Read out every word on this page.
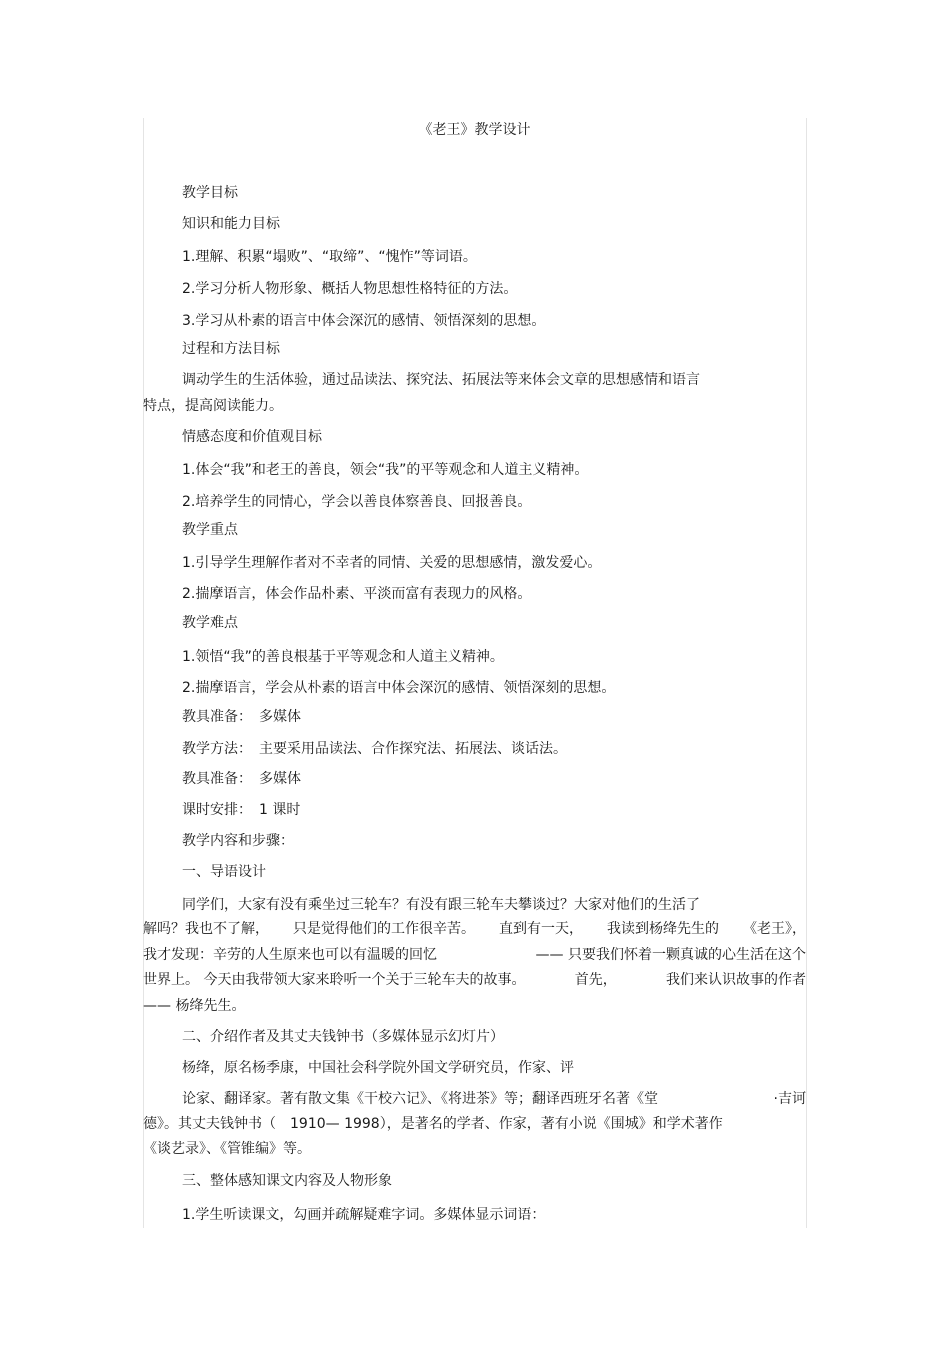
《老王》教学设计
教学目标
知识和能力目标
1.理解、积累“塌败”、“取缔”、“愧怍”等词语。
2.学习分析人物形象、概括人物思想性格特征的方法。
3.学习从朴素的语言中体会深沉的感情、领悟深刻的思想。
过程和方法目标
调动学生的生活体验，通过品读法、探究法、拓展法等来体会文章的思想感情和语言
特点，提高阅读能力。
情感态度和价值观目标
1.体会“我”和老王的善良，领会“我”的平等观念和人道主义精神。
2.培养学生的同情心，学会以善良体察善良、回报善良。
教学重点
1.引导学生理解作者对不幸者的同情、关爱的思想感情，激发爱心。
2.揣摩语言，体会作品朴素、平淡而富有表现力的风格。
教学难点
1.领悟“我”的善良根基于平等观念和人道主义精神。
2.揣摩语言，学会从朴素的语言中体会深沉的感情、领悟深刻的思想。
教具准备：　多媒体
教学方法：　主要采用品读法、合作探究法、拓展法、谈话法。
教具准备：　多媒体
课时安排：　1 课时
教学内容和步骤：
一、导语设计
同学们，大家有没有乘坐过三轮车？有没有跟三轮车夫攀谈过？大家对他们的生活了
解吗？我也不了解， 只是觉得他们的工作很辛苦。 直到有一天， 我读到杨绛先生的 《老王》，
我才发现：辛劳的人生原来也可以有温暖的回忆	—— 只要我们怀着一颗真诚的心生活在这个
世界上。 今天由我带领大家来聆听一个关于三轮车夫的故事。	首先，	我们来认识故事的作者
—— 杨绛先生。
二、介绍作者及其丈夫钱钟书（多媒体显示幻灯片）
杨绛，原名杨季康，中国社会科学院外国文学研究员，作家、评
论家、翻译家。著有散文集《干校六记》、《将进茶》等；翻译西班牙名著《堂	·吉诃
德》。其丈夫钱钟书（　1910— 1998），是著名的学者、作家，著有小说《围城》和学术著作
《谈艺录》、《管锥编》等。
三、整体感知课文内容及人物形象
1.学生听读课文，勾画并疏解疑难字词。多媒体显示词语：
